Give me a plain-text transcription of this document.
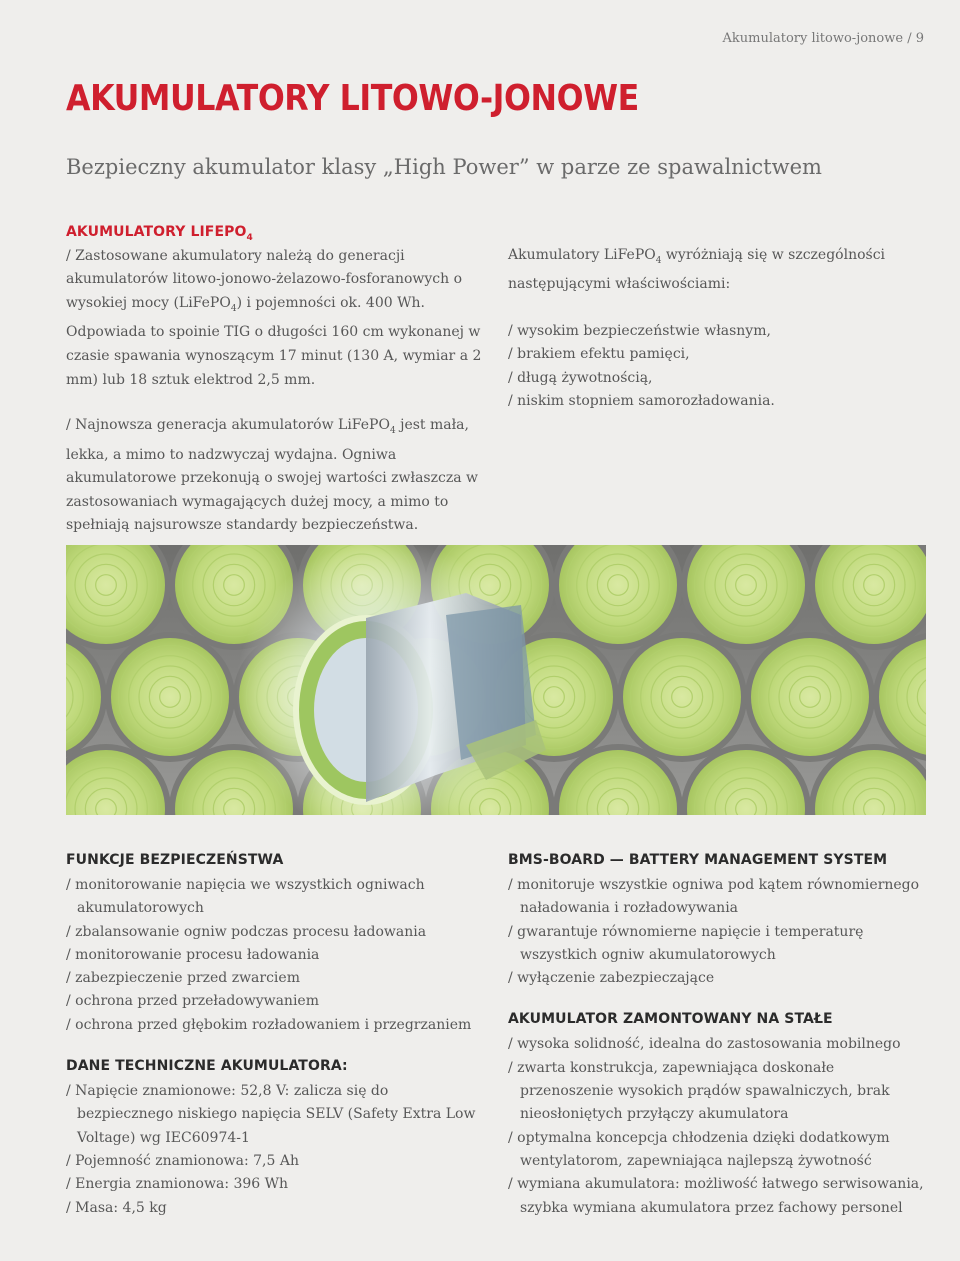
Akumulatory litowo-jonowe / 9
AKUMULATORY LITOWO-JONOWE
Bezpieczny akumulator klasy „High Power” w parze ze spawalnictwem
AKUMULATORY $LIFEPO_4$

/ Zastosowane akumulatory należą do generacji akumulatorów litowo-jonowo-żelazowo-fosforanowych o wysokiej mocy (LiFePO$_4$) i pojemności ok. 400 Wh. Odpowiada to spoinie TIG o długości 160 cm wykonanej w czasie spawania wynoszącym 17 minut (130 A, wymiar a 2 mm) lub 18 sztuk elektrod 2,5 mm.

/ Najnowsza generacja akumulatorów LiFePO$_4$ jest mała, lekka, a mimo to nadzwyczaj wydajna. Ogniwa akumulatorowe przekonują o swojej wartości zwłaszcza w zastosowaniach wymagających dużej mocy, a mimo to spełniają najsurowsze standardy bezpieczeństwa.

Akumulatory LiFePO$_4$ wyróżniają się w szczególności następującymi właściwościami:

/ wysokim bezpieczeństwie własnym,
/ brakiem efektu pamięci,
/ długą żywotnością,
/ niskim stopniem samorozładowania.
FUNKCJE BEZPIECZEŃSTWA
/ monitorowanie napięcia we wszystkich ogniwach akumulatorowych
/ zbalansowanie ogniw podczas procesu ładowania
/ monitorowanie procesu ładowania
/ zabezpieczenie przed zwarciem
/ ochrona przed przeładowywaniem
/ ochrona przed głębokim rozładowaniem i przegrzaniem
DANE TECHNICZNE AKUMULATORA:
/ Napięcie znamionowe: 52,8 V: zalicza się do bezpiecznego niskiego napięcia SELV (Safety Extra Low Voltage) wg IEC60974-1
/ Pojemność znamionowa: 7,5 Ah
/ Energia znamionowa: 396 Wh
/ Masa: 4,5 kg
BMS-BOARD — BATTERY MANAGEMENT SYSTEM
/ monitoruje wszystkie ogniwa pod kątem równomiernego naładowania i rozładowywania
/ gwarantuje równomierne napięcie i temperaturę wszystkich ogniw akumulatorowych
/ wyłączenie zabezpieczające
AKUMULATOR ZAMONTOWANY NA STAŁE
/ wysoka solidność, idealna do zastosowania mobilnego
/ zwarta konstrukcja, zapewniająca doskonałe przenoszenie wysokich prądów spawalniczych, brak nieosłoniętych przyłączy akumulatora
/ optymalna koncepcja chłodzenia dzięki dodatkowym wentylatorom, zapewniająca najlepszą żywotność
/ wymiana akumulatora: możliwość łatwego serwisowania, szybka wymiana akumulatora przez fachowy personel
